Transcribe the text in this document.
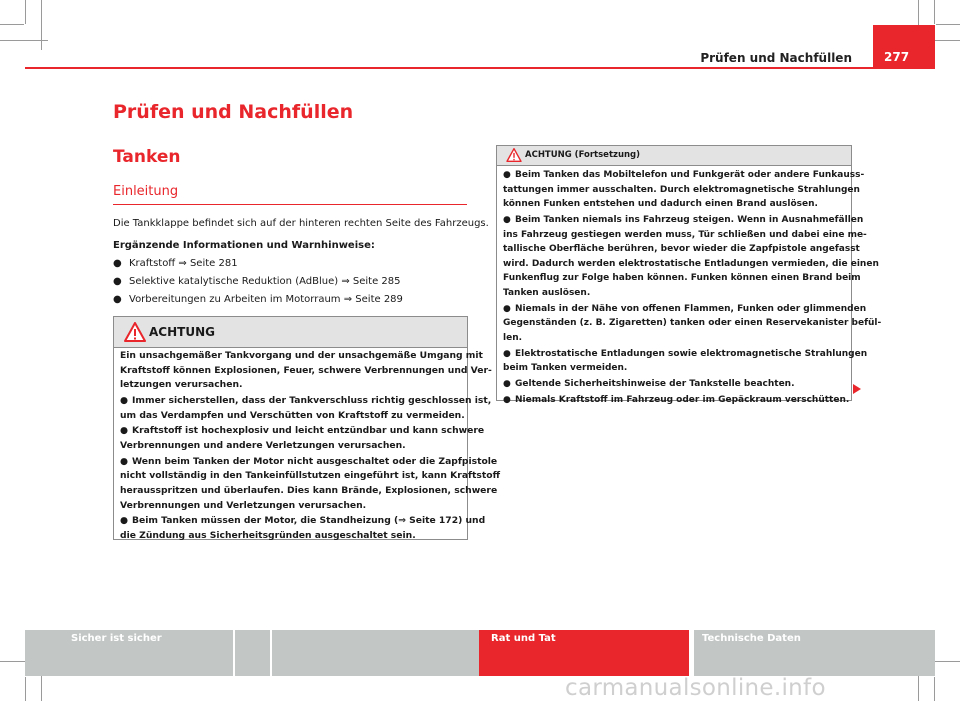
Prüfen und Nachfüllen	277
Prüfen und Nachfüllen
Tanken
Einleitung
Die Tankklappe befindet sich auf der hinteren rechten Seite des Fahrzeugs.
Ergänzende Informationen und Warnhinweise:
● Kraftstoff ⇒ Seite 281
● Selektive katalytische Reduktion (AdBlue) ⇒ Seite 285
● Vorbereitungen zu Arbeiten im Motorraum ⇒ Seite 289
ACHTUNG

Ein unsachgemäßer Tankvorgang und der unsachgemäße Umgang mit

Kraftstoff können Explosionen, Feuer, schwere Verbrennungen und Ver-

letzungen verursachen.

● Immer sicherstellen, dass der Tankverschluss richtig geschlossen ist,

um das Verdampfen und Verschütten von Kraftstoff zu vermeiden.

● Kraftstoff ist hochexplosiv und leicht entzündbar und kann schwere

Verbrennungen und andere Verletzungen verursachen.

● Wenn beim Tanken der Motor nicht ausgeschaltet oder die Zapfpistole

nicht vollständig in den Tankeinfüllstutzen eingeführt ist, kann Kraftstoff

herausspritzen und überlaufen. Dies kann Brände, Explosionen, schwere

Verbrennungen und Verletzungen verursachen.

● Beim Tanken müssen der Motor, die Standheizung (⇒ Seite 172) und

die Zündung aus Sicherheitsgründen ausgeschaltet sein.

ACHTUNG (Fortsetzung)

● Beim Tanken das Mobiltelefon und Funkgerät oder andere Funkauss-

tattungen immer ausschalten. Durch elektromagnetische Strahlungen

können Funken entstehen und dadurch einen Brand auslösen.

● Beim Tanken niemals ins Fahrzeug steigen. Wenn in Ausnahmefällen

ins Fahrzeug gestiegen werden muss, Tür schließen und dabei eine me-

tallische Oberfläche berühren, bevor wieder die Zapfpistole angefasst

wird. Dadurch werden elektrostatische Entladungen vermieden, die einen

Funkenflug zur Folge haben können. Funken können einen Brand beim

Tanken auslösen.

● Niemals in der Nähe von offenen Flammen, Funken oder glimmenden

Gegenständen (z. B. Zigaretten) tanken oder einen Reservekanister befül-

len.

● Elektrostatische Entladungen sowie elektromagnetische Strahlungen

beim Tanken vermeiden.

● Geltende Sicherheitshinweise der Tankstelle beachten.

● Niemals Kraftstoff im Fahrzeug oder im Gepäckraum verschütten.

Sicher ist sicher	Rat und Tat	Technische Daten
carmanualsonline.info
